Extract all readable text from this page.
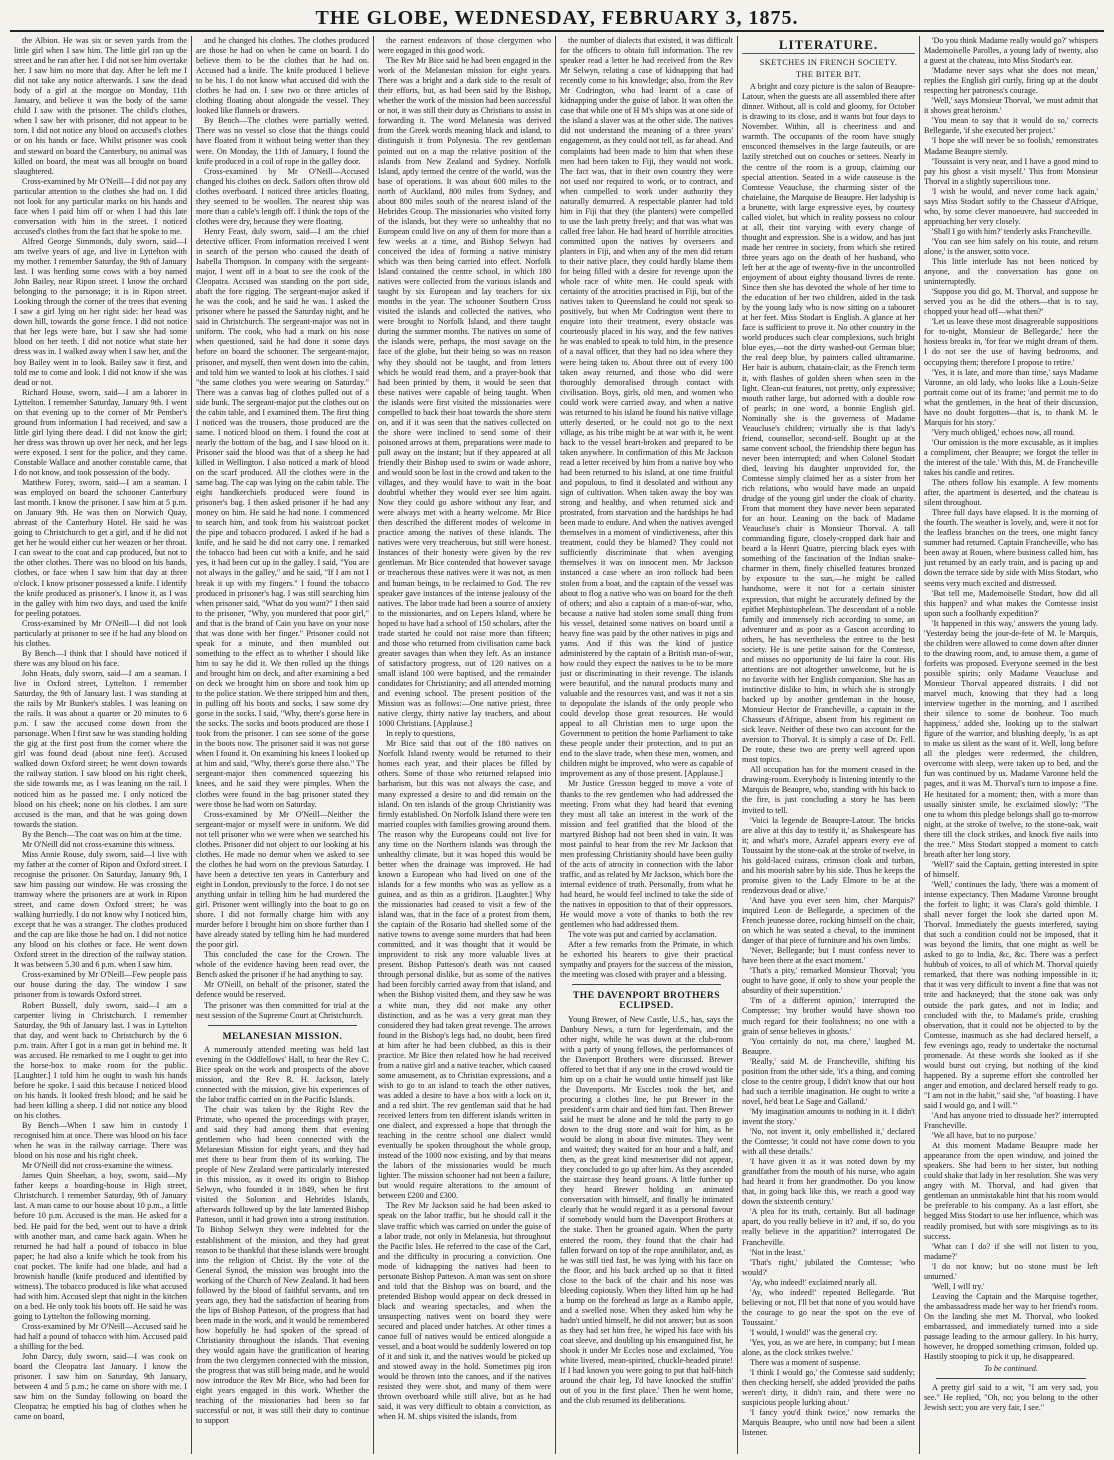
THE GLOBE, WEDNESDAY, FEBRUARY 3, 1875.

the Albion. He was six or seven yards from the little girl when I saw him. The little girl ran up the street and he ran after her. I did not see him overtake her. I saw him no more that day. After he left me I did not take any notice afterwards. I saw the dead body of a girl at the morgue on Monday, 11th January, and believe it was the body of the same child I saw with the prisoner. The child's clothes, when I saw her with prisoner, did not appear to be torn. I did not notice any blood on accused's clothes or on his hands or face. Whilst prisoner was cook and steward on board the Canterbury, no animal was killed on board, the meat was all brought on board slaughtered.

Cross-examined by Mr O'Neill—I did not pay any particular attention to the clothes she had on. I did not look for any particular marks on his hands and face when I paid him off or when I had this late conversation with him in the street. I noticed accused's clothes from the fact that he spoke to me.

Alfred George Simmonds, duly sworn, said—I am twelve years of age, and live in Lyttelton with my mother. I remember Saturday, the 9th of January last. I was herding some cows with a boy named John Bailey, near Ripon street. I know the orchard belonging to the parsonage; it is in Ripon street. Looking through the corner of the trees that evening I saw a girl lying on her right side: her head was down hill, towards the gorse fence. I did not notice that her legs were bare, but I saw she had some blood on her teeth. I did not notice what state her dress was in. I walked away when I saw her, and the boy Bailey went in to look. Bailey saw it first, and told me to come and look. I did not know if she was dead or not.

Richard House, sworn, said—I am a laborer in Lyttelton. I remember Saturday, January 9th. I went on that evening up to the corner of Mr Pember's ground from information I had received, and saw a little girl lying there dead. I did not know the girl; her dress was thrown up over her neck, and her legs were exposed. I sent for the police, and they came. Constable Wallace and another constable came, that I do not know, and took possession of the body.

Matthew Forey, sworn, said—I am a seaman. I was employed on board the schooner Canterbury last month. I know the prisoner. I saw him at 5 p.m. on January 9th. He was then on Norwich Quay, abreast of the Canterbury Hotel. He said he was going to Christchurch to get a girl, and if he did not get her he would either cut her weazen or her throat. I can swear to the coat and cap produced, but not to the other clothes. There was no blood on his hands, clothes, or face when I saw him that day at three o'clock. I know prisoner possessed a knife. I identify the knife produced as prisoner's. I know it, as I was in the galley with him two days, and used the knife for peeling potatoes.

Cross-examined by Mr O'Neill—I did not look particularly at prisoner to see if he had any blood on his clothes.

By Bench—I think that I should have noticed if there was any blood on his face.

John Heats, duly sworn, said—I am a seaman. I live in Oxford street, Lyttelton. I remember Saturday, the 9th of January last. I was standing at the rails by Mr Bunker's stables. I was leaning on the rails. It was about a quarter or 20 minutes to 6 p.m. I saw the accused come down from the parsonage. When I first saw he was standing holding the gig at the first post from the corner where the girl was found dead (about nine feet). Accused walked down Oxford street; he went down towards the railway station. I saw blood on his right cheek, the side towards me, as I was leaning on the rail. I noticed him as he passed me. I only noticed the blood on his cheek; none on his clothes. I am sure accused is the man, and that he was going down towards the station.

By the Bench—The coat was on him at the time.

Mr O'Neill did not cross-examine this witness.

Miss Annie Rouse, duly sworn, said—I live with my father at the corner of Ripon and Oxford street. I recognise the prisoner. On Saturday, January 9th, I saw him passing our window. He was crossing the tramway where the prisoners are at work in Ripon street, and came down Oxford street; he was walking hurriedly. I do not know why I noticed him, except that he was a stranger. The clothes produced and the cap are like those he had on. I did not notice any blood on his clothes or face. He went down Oxford street in the direction of the railway station. It was between 5.30 and 6 p.m. when I saw him.

Cross-examined by Mr O'Neill—Few people pass our house during the day. The window I saw prisoner from is towards Oxford street.

Robert Bussell, duly sworn, said—I am a carpenter living in Christchurch. I remember Saturday, the 9th of January last. I was in Lyttelton that day, and went back to Christchurch by the 6 p.m. train. After I got in a man got in behind me. It was accused. He remarked to me I ought to get into the horse-box to make room for the public. [Laughter.] I told him he ought to wash his hands before he spoke. I said this because I noticed blood on his hands. It looked fresh blood; and he said he had been killing a sheep. I did not notice any blood on his clothes.

By Bench—When I saw him in custody I recognised him at once. There was blood on his face when he was in the railway carriage. There was blood on his nose and his right cheek.

Mr O'Neill did not cross-examine the witness.

James Quin Sheehan, a boy, sworn, said—My father keeps a boarding-house in High street, Christchurch. I remember Saturday, 9th of January last. A man came to our house about 10 p.m., a little before 10 p.m. Accused is the man. He asked for a bed. He paid for the bed, went out to have a drink with another man, and came back again. When he returned he had half a pound of tobacco in blue paper; he had also a knife which he took from his coat pocket. The knife had one blade, and had a brownish handle (knife produced and identified by witness). The tobacco produced is like what accused had with him. Accused slept that night in the kitchen on a bed. He only took his boots off. He said he was going to Lyttelton the following morning.

Cross-examined by Mr O'Neill—Accused said he had half a pound of tobacco with him. Accused paid a shilling for the bed.

John Darcy, duly sworn, said—I was cook on board the Cleopatra last January. I know the prisoner. I saw him on Saturday, 9th January, between 4 and 5 p.m.; he came on shore with me. I saw him on the Sunday following on board the Cleopatra; he emptied his bag of clothes when he came on board,

and he changed his clothes. The clothes produced are those he had on when he came on board. I do believe them to be the clothes that he had on. Accused had a knife. The knife produced I believe to be his. I do not know what accused did with the clothes he had on. I saw two or three articles of clothing floating about alongside the vessel. They looked like flannels or drawers.

By Bench—The clothes were partially wetted. There was no vessel so close that the things could have floated from it without being wetter than they were. On Monday, the 11th of January, I found the knife produced in a coil of rope in the galley door.

Cross-examined by Mr O'Neill—Accused changed his clothes on deck. Sailors often throw old clothes overboard. I noticed three articles floating, they seemed to be woollen. The nearest ship was more than a cable's length off. I think the tops of the clothes were dry, because they were floating.

Henry Feast, duly sworn, said—I am the chief detective officer. From information received I went in search of the person who caused the death of Isabella Thompson. In company with the sergeant-major, I went off in a boat to see the cook of the Cleopatra. Accused was standing on the port side, abaft the fore rigging. The sergeant-major asked if he was the cook, and he said he was. I asked the prisoner where he passed the Saturday night, and he said in Christchurch. The sergeant-major was not in uniform. The cook, who had a mark on his nose when questioned, said he had done it some days before on board the schooner. The sergeant-major, prisoner, and myself, then went down into the cabin, and told him we wanted to look at his clothes. I said "the same clothes you were wearing on Saturday." There was a canvas bag of clothes pulled out of a side bunk. The sergeant-major put the clothes out on the cabin table, and I examined them. The first thing I noticed was the trousers, those produced are the same. I noticed blood on them. I found the coat at nearly the bottom of the bag, and I saw blood on it. Prisoner said the blood was that of a sheep he had killed in Wellington. I also noticed a mark of blood on the scarf produced. All the clothes were in the same bag. The cap was lying on the cabin table. The eight handkerchiefs produced were found in prisoner's bag. I then asked prisoner if he had any money on him. He said he had none. I commenced to search him, and took from his waistcoat pocket the pipe and tobacco produced. I asked if he had a knife, and he said he did not carry one. I remarked the tobacco had been cut with a knife, and he said yes, it had been cut up in the galley. I said, "You are not always in the galley," and he said, "If I am not I break it up with my fingers." I found the tobacco produced in prisoner's bag. I was still searching him when prisoner said, "What do you want?" I then said to the prisoner, "Why, you murdered that poor girl," and that is the brand of Cain you have on your nose that was done with her finger." Prisoner could not speak for a minute, and then mumbled out something to the effect as to whether I should like him to say he did it. We then rolled up the things and brought him on deck, and after examining a bed on deck we brought him on shore and took him up to the police station. We there stripped him and then, in pulling off his boots and socks, I saw some dry gorse in the socks. I said, "Why, there's gorse here in the socks. The socks and boots produced are those I took from the prisoner. I can see some of the gorse in the boots now. The prisoner said it was not gorse when I found it. On examining his knees I looked up at him and said, "Why, there's gorse there also." The sergeant-major then commenced squeezing his knees, and he said they were pimples. When the clothes were found in the bag prisoner stated they were those he had worn on Saturday.

Cross-examined by Mr O'Neill—Neither the sergeant-major or myself were in uniform. We did not tell prisoner who we were when we searched his clothes. Prisoner did not object to our looking at his clothes. He made no demur when we asked to see the clothes he had worn on the previous Saturday. I have been a detective ten years in Canterbury and eight in London, previously to the force. I do not see anything unfair in telling him he had murdered the girl. Prisoner went willingly into the boat to go on shore. I did not formally charge him with any murder before I brought him on shore further than I have already stated by telling him he had murdered the poor girl.

This concluded the case for the Crown. The whole of the evidence having been read over, the Bench asked the prisoner if he had anything to say.

Mr O'Neill, on behalf of the prisoner, stated the defence would be reserved.

The prisoner was then committed for trial at the next session of the Supreme Court at Christchurch.

MELANESIAN MISSION.

A numerously attended meeting was held last evening in the Oddfellows' Hall, to hear the Rev C. Bice speak on the work and prospects of the above mission, and the Rev R. H. Jackson, lately connected with the mission, give his experiences of the labor traffic carried on in the Pacific Islands.

The chair was taken by the Right Rev the Primate, who opened the proceedings with prayer, and said they had among them that evening gentlemen who had been connected with the Melanesian Mission for eight years, and they had met there to hear from them of its working. The people of New Zealand were particularly interested in this mission, as it owed its origin to Bishop Selwyn, who founded it in 1849, when he first visited the Solomon and Hebrides Islands, afterwards followed up by the late lamented Bishop Patteson, until it had grown into a strong institution. To Bishop Selwyn they were indebted for the establishment of the mission, and they had great reason to be thankful that these islands were brought into the religion of Christ. By the vote of the General Synod, the mission was brought into the working of the Church of New Zealand. It had been followed by the blood of faithful servants, and ten years ago, they had the satisfaction of hearing from the lips of Bishop Patteson, of the progress that had been made in the work, and it would be remembered how hopefully he had spoken of the spread of Christianity throughout the islands. That evening they would again have the gratification of hearing from the two clergymen connected with the mission, the progress that was still being made, and he would now introduce the Rev Mr Bice, who had been for eight years engaged in this work. Whether the teaching of the missionaries had been so far successful or not, it was still their duty to continue to support

the earnest endeavors of those clergymen who were engaged in this good work.

The Rev Mr Bice said he had been engaged in the work of the Melanesian mission for eight years. There was a bright and a dark side to the result of their efforts, but, as had been said by the Bishop, whether the work of the mission had been successful or not, it was still their duty as Christians to assist in forwarding it. The word Melanesia was derived from the Greek words meaning black and island, to distinguish it from Polynesia. The rev gentleman pointed out on a map the relative position of the islands from New Zealand and Sydney. Norfolk Island, aptly termed the centre of the world, was the base of operations. It was about 600 miles to the north of Auckland, 800 miles from Sydney, and about 800 miles south of the nearest island of the Hebrides Group. The missionaries who visited forty of the islands, but they were so unhealthy that no European could live on any of them for more than a few weeks at a time, and Bishop Selwyn had conceived the idea of forming a native ministry which was then being carried into effect. Norfolk Island contained the centre school, in which 180 natives were collected from the various islands and taught by six European and lay teachers for six months in the year. The schooner Southern Cross visited the islands and collected the natives, who were brought to Norfolk Island, and there taught during the summer months. The natives on some of the islands were, perhaps, the most savage on the face of the globe, but their being so was no reason why they should not be taught, and from letters which he would read them, and a prayer-book that had been printed by them, it would be seen that these natives were capable of being taught. When the islands were first visited the missionaries were compelled to back their boat towards the shore stern on, and if it was seen that the natives collected on the shore were inclined to send some of their poisoned arrows at them, preparations were made to pull away on the instant; but if they appeared at all friendly their Bishop used to swim or wade ashore, and would soon be lost in the crowd and taken to the villages, and they would have to wait in the boat doubtful whether they would ever see him again. Now they could go ashore without any fear, and were always met with a hearty welcome. Mr Bice then described the different modes of welcome in practice among the natives of these islands. The natives were very treacherous, but still were honest. Instances of their honesty were given by the rev gentleman. Mr Bice contended that however savage or treacherous these natives were it was not, as men and human beings, to be reclaimed to God. The rev speaker gave instances of the intense jealousy of the natives. The labor trade had been a source of anxiety to the missionaries, and on Lepers Island, where he hoped to have had a school of 150 scholars, after the trade started he could not raise more than fifteen; and those who returned from civilisation came back greater savages than when they left. As an instance of satisfactory progress, out of 120 natives on a small island 100 were baptised, and the remainder candidates for Christianity; and all attended morning and evening school. The present position of the Mission was as follows:—One native priest, three native clergy, thirty native lay teachers, and about 1000 Christians. [Applause.]

In reply to questions,

Mr Bice said that out of the 180 natives on Norfolk Island twenty would be returned to their homes each year, and their places be filled by others. Some of those who returned relapsed into barbarism, but this was not always the case, and many expressed a desire to and did remain on the island. On ten islands of the group Christianity was firmly established. On Norfolk Island there were ten married couples with families growing around them. The reason why the Europeans could not live for any time on the Northern islands was through the unhealthy climate, but it was hoped this would be better when the drainage was improved. He had known a European who had lived on one of the islands for a few months who was as yellow as a guinea, and as thin as a gridiron. [Laughter.] Why the missionaries had ceased to visit a few of the island was, that in the face of a protest from them, the captain of the Rosario had shelled some of the native towns to avenge some murders that had been committed, and it was thought that it would be improvident to risk any more valuable lives at present. Bishop Patteson's death was not caused through personal dislike, but as some of the natives had been forcibly carried away from that island, and when the Bishop visited them, and they saw he was a white man, they did not make any other distinction, and as he was a very great man they considered they had taken great revenge. The arrows found in the Bishop's legs had, no doubt, been fired at him after he had been clubbed, as this is their practice. Mr Bice then related how he had received from a native girl and a native teacher, which caused some amusement, as to Christian expressions, and a wish to go to an island to teach the other natives, was added a desire to have a box with a lock on it, and a red shirt. The rev gentleman said that he had received letters from ten different islands written in one dialect, and expressed a hope that through the teaching in the centre school one dialect would eventually be spoken throughout the whole group, instead of the 1000 now existing, and by that means the labors of the missionaries would be much lighter. The mission schooner had not been a failure, but would require alterations to the amount of between £200 and £300.

The Rev Mr Jackson said he had been asked to speak on the labor traffic, but he should call it the slave traffic which was carried on under the guise of a labor trade, not only in Melanesia, but throughout the Pacific Isles. He referred to the case of the Carl, and the difficulty in procuring a conviction. One mode of kidnapping the natives had been to personate Bishop Patteson. A man was sent on shore and told that the Bishop was on board, and the pretended Bishop would appear on deck dressed in black and wearing spectacles, and when the unsuspecting natives went on board they were secured and placed under hatches. At other times a canoe full of natives would be enticed alongside a vessel, and a boat would be suddenly lowered on top of it and sink it, and the natives would be picked up and stowed away in the hold. Sometimes pig iron would be thrown into the canoes, and if the natives resisted they were shot, and many of them were thrown overboard while still alive, but as he had said, it was very difficult to obtain a conviction, as when H. M. ships visited the islands, from

the number of dialects that existed, it was difficult for the officers to obtain full information. The rev speaker read a letter he had received from the Rev Mr Selwyn, relating a case of kidnapping that had recently come to his knowledge; also, from the Rev Mr Codrington, who had learnt of a case of kidnapping under the guise of labor. It was often the case that while one of H M's ships was at one side of the island a slaver was at the other side. The natives did not understand the meaning of a three years' engagement, as they could not tell, as far ahead. And complaints had been made to him that when these men had been taken to Fiji, they would not work. The fact was, that in their own country they were not used nor required to work, or to contract, and when compelled to work under authority they naturally demurred. A respectable planter had told him in Fiji that they (the planters) were compelled to use the lash pretty freely; and that was what was called free labor. He had heard of horrible atrocities committed upon the natives by overseers and planters in Fiji, and when any of the men did return to their native place, they could hardly blame them for being filled with a desire for revenge upon the whole race of white men. He could speak with certainty of the atrocities practised in Fiji, but of the natives taken to Queensland he could not speak so positively, but when Mr Codrington went there to enquire into their treatment, every obstacle was courteously placed in his way, and the few natives he was enabled to speak to told him, in the presence of a naval officer, that they had no idea where they were being taken to. About three out of every 100 taken away returned, and those who did were thoroughly demoralised through contact with civilisation. Boys, girls, old men, and women who could work were carried away, and when a native was returned to his island he found his native village utterly deserted, or he could not go to the next village, as his tribe might be at war with it, he went back to the vessel heart-broken and prepared to be taken anywhere. In confirmation of this Mr Jackson read a letter received by him from a native boy who had been returned to his island, at one time fruitful and populous, to find it desolated and without any sign of cultivation. When taken away the boy was strong and healthy, and when returned sick and prostrated, from starvation and the hardships he had been made to endure. And when the natives avenged themselves in a moment of vindictiveness, after this treatment, could they be blamed? They could not sufficiently discriminate that when avenging themselves it was on innocent men. Mr Jackson instanced a case where an iron rollock had been stolen from a boat, and the captain of the vessel was about to flog a native who was on board for the theft of others; and also a captain of a man-of-war, who, because a native had stolen some small thing from his vessel, detained some natives on board until a heavy fine was paid by the other natives in pigs and yams. And if this was the kind of justice administered by the captain of a British man-of-war, how could they expect the natives to be to be more just or discriminating in their revenge. The islands were beautiful, and the natural products many and valuable and the resources vast, and was it not a sin to depopulate the islands of the only people who could develop those great resources. He would appeal to all Christian men to urge upon the Government to petition the home Parliament to take these people under their protection, and to put an end to the slave trade, when these men, women, and children might be improved, who were as capable of improvement as any of those present. [Applause.]

Mr Justice Gresson begged to move a vote of thanks to the rev gentlemen who had addressed the meeting. From what they had heard that evening they must all take an interest in the work of the mission and feel gratified that the blood of the martyred Bishop had not been shed in vain. It was most painful to hear from the rev Mr Jackson that men professing Christianity should have been guilty of the acts of atrocity in connection with the labor traffic, and as related by Mr Jackson, which bore the internal evidence of truth. Personally, from what he had heard, he would feel inclined to take the side of the natives in opposition to that of their oppressors. He would move a vote of thanks to both the rev gentlemen who had addressed them.

The vote was put and carried by acclamation.

After a few remarks from the Primate, in which he exhorted his hearers to give their practical sympathy and prayers for the success of the mission, the meeting was closed with prayer and a blessing.

THE DAVENPORT BROTHERS ECLIPSED.

Young Brewer, of New Castle, U.S., has, says the Danbury News, a turn for legerdemain, and the other night, while he was down at the club-room with a party of young fellows, the performances of the Davenport Brothers were discussed. Brewer offered to bet that if any one in the crowd would tie him up on a chair he would untie himself just like the Davenports. Mr Esccles took the bet, and procuring a clothes line, he put Brewer in the president's arm chair and tied him fast. Then Brewer said he must be alone and he told the party to go down to the drug store and wait for him, as he would be along in about five minutes. They went and waited; they waited for an hour and a half, and then, as the great kind mesmeriser did not appear, they concluded to go up after him. As they ascended the staircase they heard groans. A little further up they heard Brewer holding an animated conversation with himself, and finally he intimated clearly that he would regard it as a personal favour if somebody would burn the Davenport Brothers at the stake. Then he groaned again. When the party entered the room, they found that the chair had fallen forward on top of the rope annihilator, and, as he was still tied fast, he was lying with his face on the floor, and his back arched up so that it fitted close to the back of the chair and his nose was bleeding copiously. When they lifted him up he had a bump on the forehead as large as a Rambo apple, and a swelled nose. When they asked him why he hadn't untied himself, he did not answer; but as soon as they had set him free, he wiped his face with his coat sleeve, and doubling up his ensanguined fist, he shook it under Mr Eccles nose and exclaimed, 'You white livered, mean-spirited, chuckle-headed pirate! If I had known you were going to put that half-hitch around the chair leg, I'd have knocked the stuffin' out of you in the first place.' Then he went home, and the club resumed its deliberations.

LITERATURE.
SKETCHES IN FRENCH SOCIETY.
THE BITER BIT.

A bright and cozy picture is the salon of Beaupre-Latour, when the guests are all assembled there after dinner. Without, all is cold and gloomy, for October is drawing to its close, and it wants but four days to November. Within, all is cheeriness and and warmth. The occupants of the room have snugly ensconced themselves in the large fauteuils, or are lazily stretched out on couches or settees. Nearly in the centre of the room is a group, claiming our special attention. Seated in a wide causeuse is the Comtesse Veaucluse, the charming sister of the chatelaine, the Marquise de Beaupre. Her ladyship is a brunette, with large expressive eyes, by courtesy called violet, but which in reality possess no colour at all, their tint varying with every change of thought and expression. She is a widow, and has just made her rentree in society, from which she retired three years ago on the death of her husband, who left her at the age of twenty-five in the uncontrolled enjoyment of about eighty thousand livres de rente. Since then she has devoted the whole of her time to the education of her two children, aided in the task by the young lady who is now sitting on a tabouret at her feet. Miss Stodart is English. A glance at her face is sufficient to prove it. No other country in the world produces such clear complexions, such bright blue eyes,—not the dirty washed-out German blue; the real deep blue, by painters called ultramarine. Her hair is auburn, chatain-clair, as the French term it, with flashes of golden sheen when seen in the light. Clean-cut features, not pretty, only expressive; mouth rather large, but adorned with a double row of pearls; in one word, a bonnie English girl. Nominally she is the governess of Madame Veaucluse's children; virtually she is that lady's friend, counsellor, second-self. Bought up at the same convent school, the friendship there begun has never been interrupted; and when Colonel Stodart died, leaving his daughter unprovided for, the Comtesse simply claimed her as a sister from her rich relations, who would have made an unpaid drudge of the young girl under the cloak of charity. From that moment they have never been separated for an hour. Leaning on the back of Madame Veaucluse's chair is Monsieur Thorval. A tall commanding figure, closely-cropped dark hair and beard a la Henri Quatre, piercing black eyes with something of the fascination of the Indian snake-charmer in them, finely chiselled features bronzed by exposure to the sun,—he might be called handsome, were it not for a certain sinister expression, that might be accurately defined by the epithet Mephistophelean. The descendant of a noble family and immensely rich according to some, an adventurer and as poor as a Gascon according to others, he has nevertheless the entree to the best society. He is une petite saison for the Comtesse, and misses no opportunity de lui faire la cour. His attentions are not altogether unwelcome, but he is no favorite with her English companion. She has an instinctive dislike to him, in which she is strongly backed up by another gentleman in the house, Monsieur Hector de Francheville, a captain in the Chasseurs d'Afrique, absent from his regiment on sick leave. Neither of these two can account for the aversion to Thorval. It is simply a case of Dr. Fell. De route, these two are pretty well agreed upon most topics.

All occupation has for the moment ceased in the drawing-room. Everybody is listening intently to the Marquis de Beaupre, who, standing with his back to the fire, is just concluding a story he has been invited to tell.

'Voici la legende de Beaupre-Latour. The bricks are alive at this day to testify it,' as Shakespeare has it; and what's more, Azrafel appears every eve of Toussaint by the stone-oak at the stroke of twelve, in his gold-laced cuirass, crimson cloak and turban, and his moorish sabre by his side. Thus he keeps the promise given to the Lady Elmore to be at the rendezvous dead or alive.'

'And have you ever seen him, cher Marquis?' inquired Leon de Bellegarde, a specimen of the French jeunesse doree, rocking himself on the chair, on which he was seated a cheval, to the imminent danger of that piece of furniture and his own limbs.

'Never, Bellegarde; but I must confess never to have been there at the exact moment.'

'That's a pity,' remarked Monsieur Thorval; 'you ought to have gone, if only to show your people the absurdity of their superstition.'

'I'm of a different opinion,' interrupted the Comptesse; 'my brother would have shown too much regard for their foolishness; no one with a grain of sense believes in ghosts.'

'You certainly do not, ma chere,' laughed M. Beaupre.

'Really,' said M. de Francheville, shifting his position from the other side, 'it's a thing, and coming close to the centre group, I didn't know that our host had such a terrible imagination. He ought to write a novel, he'd beat Le Sage and Galland.'

'My imagination amounts to nothing in it. I didn't invent the story.'

'No, not invent it, only embellished it,' declared the Comtesse; 'it could not have come down to you with all these details.'

'I have given it as it was noted down by my grandfather from the mouth of his nurse, who again had heard it from her grandmother. Do you know that, in going back like this, we reach a good way down the sixteenth century.'

'A plea for its truth, certainly. But all badinage apart, do you really believe in it? and, if so, do you really believe in the apparition?' interrogated De Francheville.

'Not in the least.'

'That's right,' jubilated the Comtesse; 'who would?'

'Ay, who indeed!' exclaimed nearly all.

'Ay, who indeed!' repeated Bellegarde. 'But believing or not, I'll bet that none of you would have the courage to go near the spot on the eve of Toussaint.'

'I would, I would!' was the general cry.

'Yes, you, as we are here, in company; but I mean alone, as the clock strikes twelve.'

There was a moment of suspense.

'I think I would go,' the Comtesse said suddenly; then checking herself, she added 'provided the paths weren't dirty, it didn't rain, and there were no suspicious people lurking about.'

'I fancy you'd think twice,' now remarks the Marquis Beaupre, who until now had been a silent listener.

'Do you think Madame really would go?' whispers Mademoiselle Parolles, a young lady of twenty, also a guest at the chateau, into Miss Stodart's ear.

'Madame never says what she does not mean,' replies the English girl curtly, firing up at the doubt respecting her patroness's courage.

'Well,' says Monsieur Thorval, 'we must admit that it shows great heroism.'

'You mean to say that it would do so,' corrects Bellegarde, 'if she executed her project.'

'I hope she will never be so foolish,' remonstrates Madame Beaupre sternly.

'Toussaint is very near, and I have a good mind to pay his ghost a visit myself.' This from Monsieur Thorval in a slightly supercilious tone.

'I wish he would, and never come back again,' says Miss Stodart softly to the Chasseur d'Afrique, who, by some clever manoeuvre, had succeeded in approaching her very closely.

'Shall I go with him?' tenderly asks Francheville.

'You can see him safely on his route, and return alone,' is the answer, sotto voce.

This little interlude has not been noticed by anyone, and the conversation has gone on uninterruptedly.

'Suppose you did go, M. Thorval, and suppose he served you as he did the others—that is to say, chopped your head off—what then?'

'Let us leave these most disagreeable suppositions for to-night, Monsieur de Bellegarde,' here the hostess breaks in, 'for fear we might dream of them. I do not see the use of having bedrooms, and occupying them; therefore I propose to retire.'

'Yes, it is late, and more than time,' says Madame Varonne, an old lady, who looks like a Louis-Seize portrait come out of its frame; 'and permit me to do what the gentlemen, in the heat of their discussion, have no doubt forgotten—that is, to thank M. le Marquis for his story.'

'Very much obliged,' echoes now, all round.

'Our omission is the more excusable, as it implies a compliment, cher Beaupre; we forgot the teller in the interest of the tale.' With this, M. de Francheville takes his candle and retires.

The others follow his example. A few moments after, the apartment is deserted, and the chateau is silent throughout.

Three full days have elapsed. It is the morning of the fourth. The weather is lovely, and, were it not for the leafless branches on the trees, one might fancy summer had returned. Captain Francheville, who has been away at Rouen, where business called him, has just returned by an early train, and is pacing up and down the terrace side by side with Miss Stodart, who seems very much excited and distressed.

'But tell me, Mademoiselle Stodart, how did all this happen? and what makes the Comtesse insist upon such a foolhardy expedition?'

'It happened in this way,' answers the young lady. 'Yesterday being the jour-de-fete of M. le Marquis, the children were allowed to come down after dinner to the drawing room, and, to amuse them, a game of forfeits was proposed. Everyone seemed in the best possible spirits; only Madame Veaucluse and Monsieur Thorval appeared distraits. I did not marvel much, knowing that they had a long interview together in the morning, and I ascribed their silence to some de bonheur. Too much happiness,' added she, looking up to the stalwart figure of the warrior, and blushing deeply, 'is as apt to make us silent as the want of it. Well, long before all the pledges were redeemed, the children, overcome with sleep, were taken up to bed, and the fun was continued by us. Madame Varonne held the pages, and it was M. Thorval's turn to impose a fine. He hesitated for a moment; then, with a more than usually sinister smile, he exclaimed slowly: "The one to whom this pledge belongs shall go to-morrow night, at the stroke of twelve, to the stone-oak, wait there till the clock strikes, and knock five nails into the tree." Miss Stodart stopped a moment to catch breath after her long story.

'Well?' said the Captain, getting interested in spite of himself.

'Well,' continues the lady, 'there was a moment of intense expectancy. Then Madame Varonne brought the forfeit to light; it was Clara's gold thimble. I shall never forget the look she darted upon M. Thorval. Immediately the guests interfered, saying that such a condition could not be imposed, that it was beyond the limits, that one might as well be asked to go to India, &c, &c. There was a perfect hubbub of voices, to all of which M. Thorval quietly remarked, that there was nothing impossible in it; that it was very difficult to invent a fine that was not trite and hackneyed; that the stone oak was only outside the park gates, and not in India; and concluded with the, to Madame's pride, crushing observation, that it could not be objected to by the Comtesse, inasmuch as she had declared herself, a few evenings ago, ready to undertake the nocturnal promenade. At these words she looked as if she would burst out crying, but nothing of the kind happened. By a supreme effort she controlled her anger and emotion, and declared herself ready to go. "I am not in the habit," said she, "of boasting. I have said I would go, and I will."'

'And has anyone tried to dissuade her?' interrupted Francheville.

'We all have, but to no purpose.'

At this moment Madame Beaupre made her appearance from the open window, and joined the speakers. She had been to her sister, but nothing could shake that lady in her resolution. She was very angry with M. Thorval, and had given that gentleman an unmistakable hint that his room would be preferable to his company. As a last effort, she begged Miss Stodart to use her influence, which was readily promised, but with sore misgivings as to its success.

'What can I do? if she will not listen to you, madame?'

'I do not know; but no stone must be left unturned.'

'Well, I will try.'

Leaving the Captain and the Marquise together, the ambassadress made her way to her friend's room. On the landing she met M. Thorval, who looked embarrassed, and immediately turned into a side passage leading to the armour gallery. In his hurry, however, he dropped something crimson, folded up. Hastily stooping to pick it up, he disappeared.

To be continued.

A pretty girl said to a wit, "I am very sad, you see." He replied, "Oh, no; you belong to the other Jewish sect; you are very fair, I see."
